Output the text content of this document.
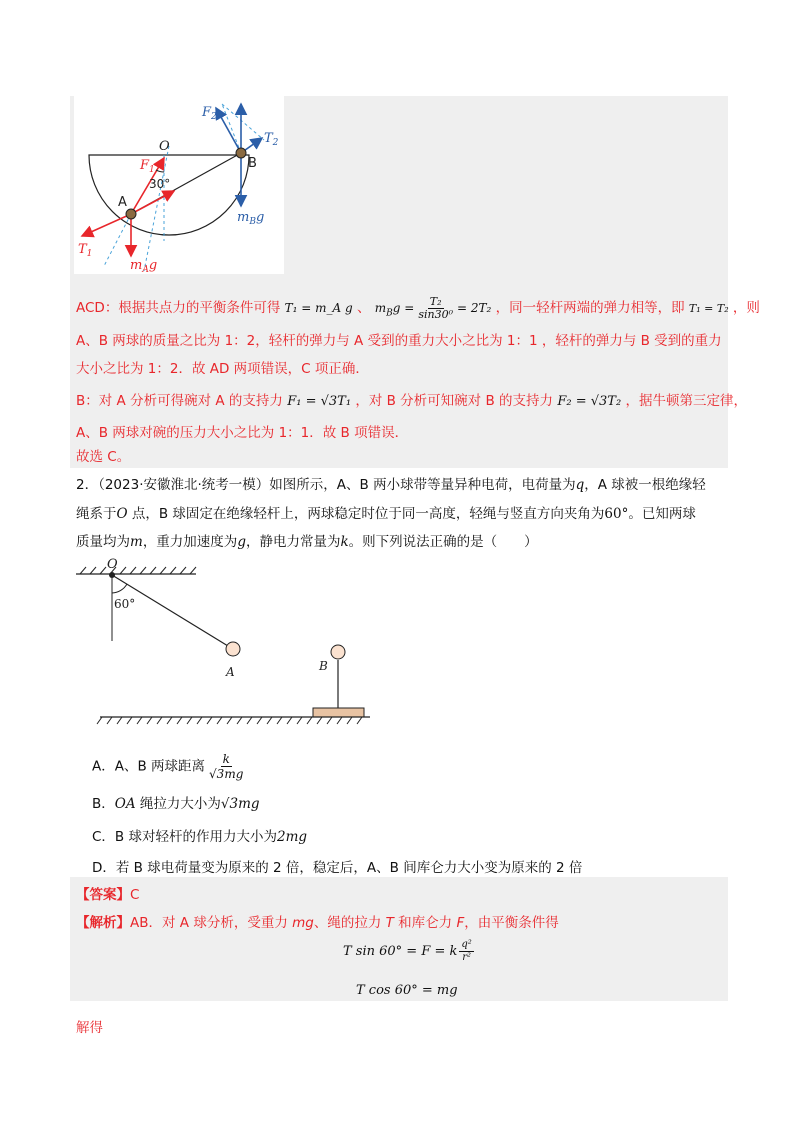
$F_2$
O
B
$T_2$
$F_1$
30°
A
$m_Bg$
$T_1$
$m_Ag$
ACD：根据共点力的平衡条件可得 T₁ = m_A g 、 $m_Bg = \frac{\text{T₂}}{\text{sin30⁰}} = 2T_2$ ，同一轻杆两端的弹力相等，即 T₁ = T₂ ，则
A、B 两球的质量之比为 1：2，轻杆的弹力与 A 受到的重力大小之比为 1：1 ，轻杆的弹力与 B 受到的重力
大小之比为 1：2．故 AD 两项错误，C 项正确．
B：对 A 分析可得碗对 A 的支持力 F₁ = √3T₁ ，对 B 分析可知碗对 B 的支持力 F₂ = √3T₂ ，据牛顿第三定律，
A、B 两球对碗的压力大小之比为 1：1．故 B 项错误．
故选 C。
2．（2023·安徽淮北·统考一模）如图所示，A、B 两小球带等量异种电荷，电荷量为q，A 球被一根绝缘轻
绳系于O 点，B 球固定在绝缘轻杆上，两球稳定时位于同一高度，轻绳与竖直方向夹角为60°。已知两球
质量均为m，重力加速度为g，静电力常量为k。则下列说法正确的是（　　）
O
60°
A	B
A．A、B 两球距离 $\frac{k}{√3mg}$
B．OA 绳拉力大小为√3mg
C．B 球对轻杆的作用力大小为2mg
D．若 B 球电荷量变为原来的 2 倍，稳定后，A、B 间库仑力大小变为原来的 2 倍
【答案】C
【解析】AB．对 A 球分析，受重力 mg、绳的拉力 T 和库仑力 F，由平衡条件得
T sin 60° = F = k $\frac{\text{q²}}{\text{r²}}$
T cos 60° = mg
解得
